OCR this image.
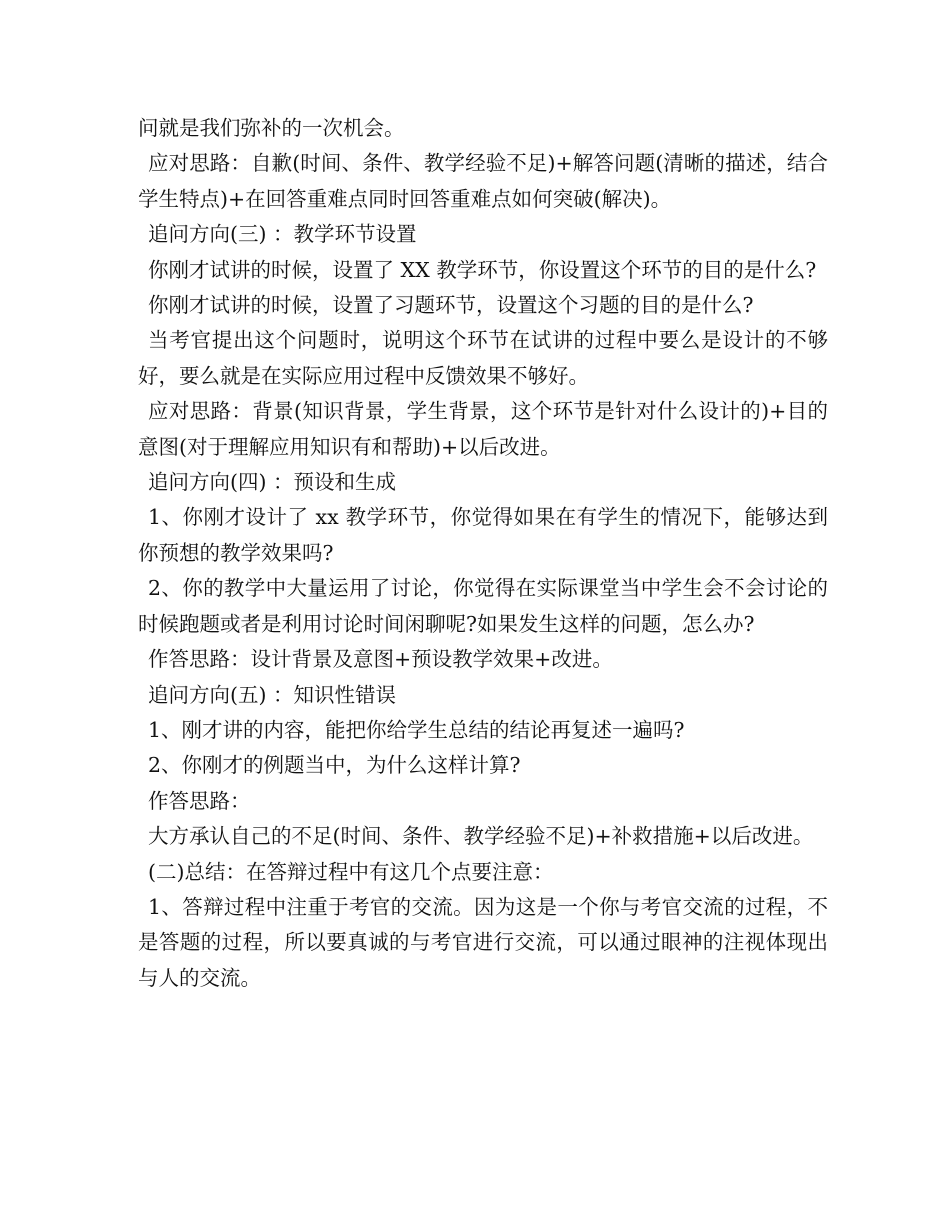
问就是我们弥补的一次机会。

应对思路：自歉(时间、条件、教学经验不足)+解答问题(清晰的描述，结合学生特点)+在回答重难点同时回答重难点如何突破(解决)。

追问方向(三) ：教学环节设置

你刚才试讲的时候，设置了 XX 教学环节，你设置这个环节的目的是什么?

你刚才试讲的时候，设置了习题环节，设置这个习题的目的是什么?

当考官提出这个问题时，说明这个环节在试讲的过程中要么是设计的不够好，要么就是在实际应用过程中反馈效果不够好。

应对思路：背景(知识背景，学生背景，这个环节是针对什么设计的)+目的意图(对于理解应用知识有和帮助)+以后改进。

追问方向(四) ：预设和生成

1、你刚才设计了 xx 教学环节，你觉得如果在有学生的情况下，能够达到你预想的教学效果吗?

2、你的教学中大量运用了讨论，你觉得在实际课堂当中学生会不会讨论的时候跑题或者是利用讨论时间闲聊呢?如果发生这样的问题，怎么办?

作答思路：设计背景及意图+预设教学效果+改进。

追问方向(五) ：知识性错误

1、刚才讲的内容，能把你给学生总结的结论再复述一遍吗?

2、你刚才的例题当中，为什么这样计算?

作答思路：

大方承认自己的不足(时间、条件、教学经验不足)+补救措施+以后改进。

(二)总结：在答辩过程中有这几个点要注意：

1、答辩过程中注重于考官的交流。因为这是一个你与考官交流的过程，不是答题的过程，所以要真诚的与考官进行交流，可以通过眼神的注视体现出与人的交流。
